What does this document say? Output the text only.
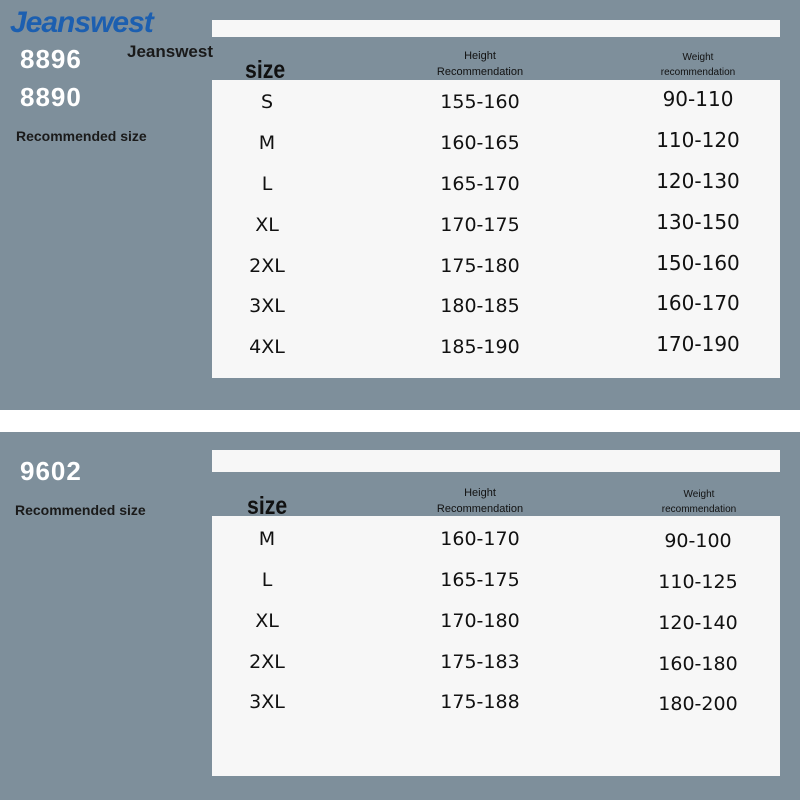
Jeanswest
Jeanswest
8896
8890
Recommended size
size	Height
Recommendation
Weight
recommendation
S	155-160	90-110
M	160-165	110-120
L	165-170	120-130
XL	170-175	130-150
2XL	175-180	150-160
3XL	180-185	160-170
4XL	185-190	170-190
9602
Recommended size	size	Height
Recommendation
Weight
recommendation
M	160-170	90-100
L	165-175	110-125
XL	170-180	120-140
2XL	175-183	160-180
3XL	175-188	180-200
